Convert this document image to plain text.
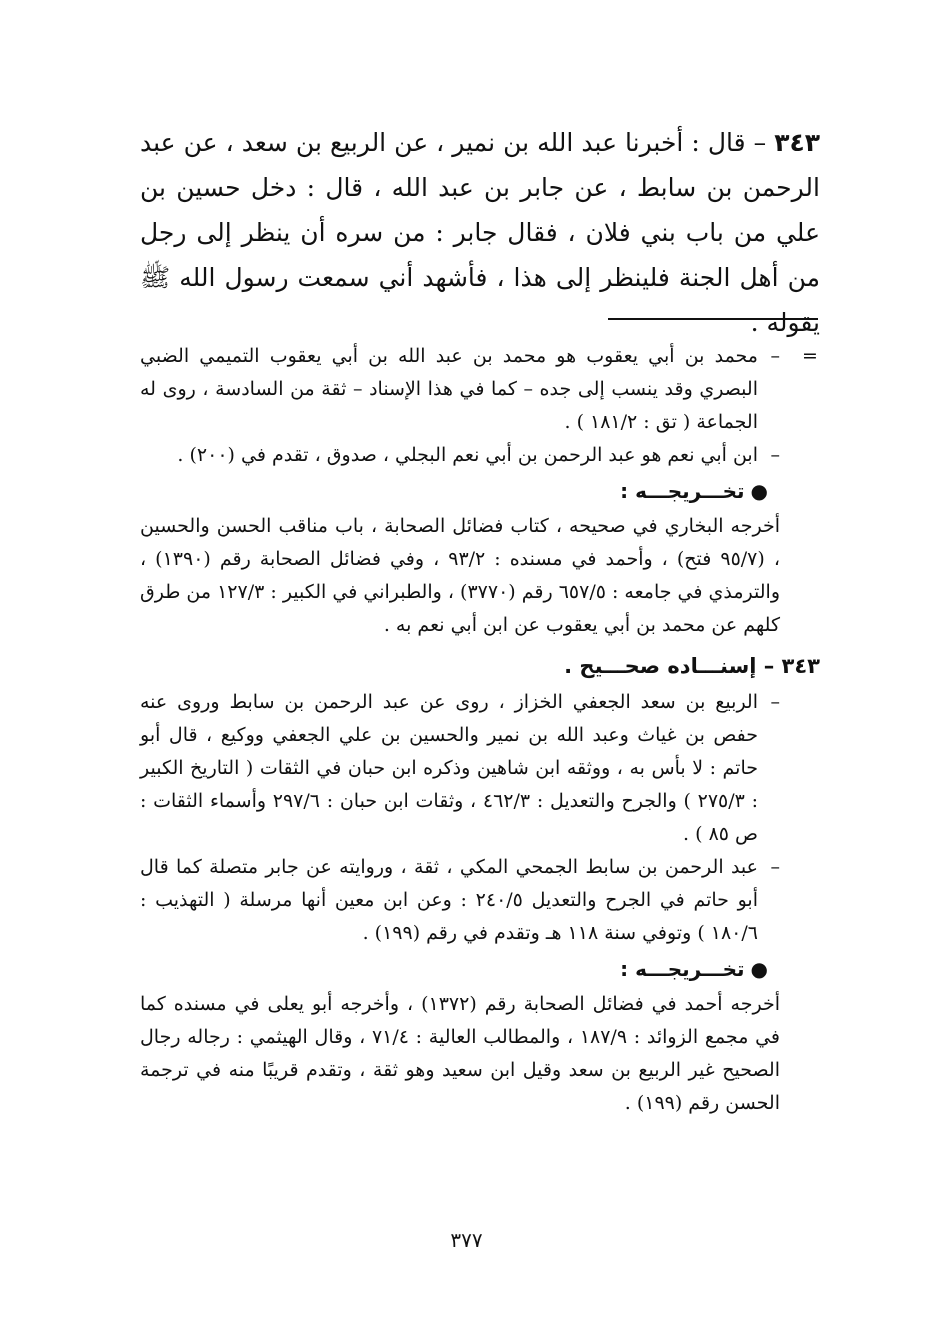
٣٤٣ – قال : أخبرنا عبد الله بن نمير ، عن الربيع بن سعد ، عن عبد الرحمن بن سابط ، عن جابر بن عبد الله ، قال : دخل حسين بن علي من باب بني فلان ، فقال جابر : من سره أن ينظر إلى رجل من أهل الجنة فلينظر إلى هذا ، فأشهد أني سمعت رسول الله ﷺ يقوله .
=
–
محمد بن أبي يعقوب هو محمد بن عبد الله بن أبي يعقوب التميمي الضبي البصري وقد ينسب إلى جده – كما في هذا الإسناد – ثقة من السادسة ، روى له الجماعة ( تق : ١٨١/٢ ) .
–
ابن أبي نعم هو عبد الرحمن بن أبي نعم البجلي ، صدوق ، تقدم في (٢٠٠) .
●تخـــريجـــه :
أخرجه البخاري في صحيحه ، كتاب فضائل الصحابة ، باب مناقب الحسن والحسين ، (٩٥/٧ فتح) ، وأحمد في مسنده : ٩٣/٢ ، وفي فضائل الصحابة رقم (١٣٩٠) ، والترمذي في جامعه : ٦٥٧/٥ رقم (٣٧٧٠) ، والطبراني في الكبير : ١٢٧/٣ من طرق كلهم عن محمد بن أبي يعقوب عن ابن أبي نعم به .
٣٤٣ – إسنـــاده صحـــيح .
–
الربيع بن سعد الجعفي الخزاز ، روى عن عبد الرحمن بن سابط وروى عنه حفص بن غياث وعبد الله بن نمير والحسين بن علي الجعفي ووكيع ، قال أبو حاتم : لا بأس به ، ووثقه ابن شاهين وذكره ابن حبان في الثقات ( التاريخ الكبير : ٢٧٥/٣ ) والجرح والتعديل : ٤٦٢/٣ ، وثقات ابن حبان : ٢٩٧/٦ وأسماء الثقات : ص ٨٥ ) .
–
عبد الرحمن بن سابط الجمحي المكي ، ثقة ، وروايته عن جابر متصلة كما قال أبو حاتم في الجرح والتعديل ٢٤٠/٥ : وعن ابن معين أنها مرسلة ( التهذيب : ١٨٠/٦ ) وتوفي سنة ١١٨ هـ وتقدم في رقم (١٩٩) .
●تخـــريجـــه :
أخرجه أحمد في فضائل الصحابة رقم (١٣٧٢) ، وأخرجه أبو يعلى في مسنده كما في مجمع الزوائد : ١٨٧/٩ ، والمطالب العالية : ٧١/٤ ، وقال الهيثمي : رجاله رجال الصحيح غير الربيع بن سعد وقيل ابن سعيد وهو ثقة ، وتقدم قريبًا منه في ترجمة الحسن رقم (١٩٩) .
٣٧٧
